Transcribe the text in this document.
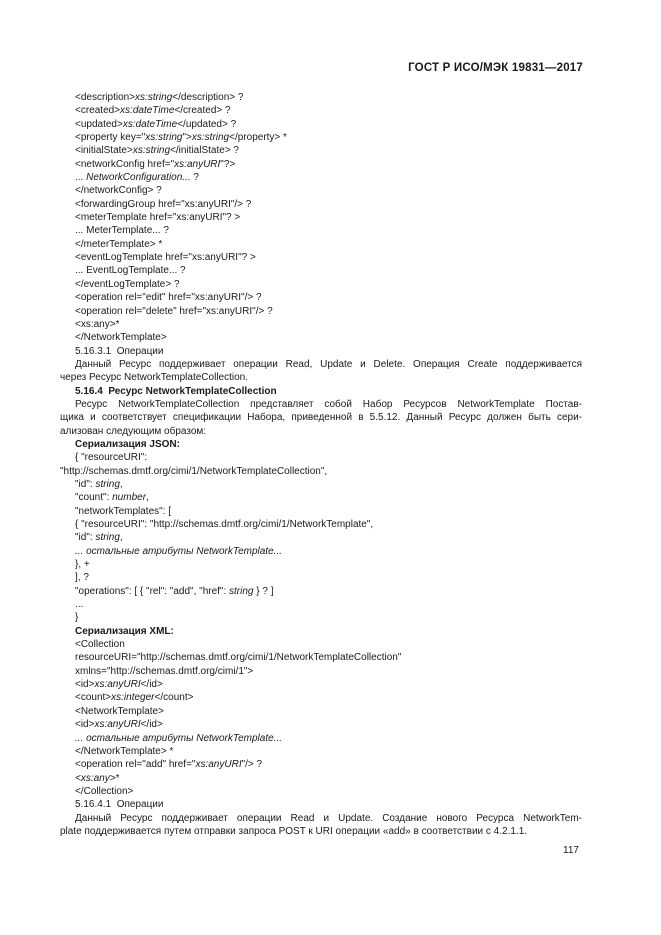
ГОСТ Р ИСО/МЭК 19831—2017
<description>xs:string</description> ?
<created>xs:dateTime</created> ?
<updated>xs:dateTime</updated> ?
<property key="xs:string">xs:string</property> *
<initialState>xs:string</initialState> ?
<networkConfig href="xs:anyURI"?>
... NetworkConfiguration... ?
</networkConfig> ?
<forwardingGroup href="xs:anyURI"/> ?
<meterTemplate href="xs:anyURI"? >
... MeterTemplate... ?
</meterTemplate> *
<eventLogTemplate href="xs:anyURI"? >
... EventLogTemplate... ?
</eventLogTemplate> ?
<operation rel="edit" href="xs:anyURI"/> ?
<operation rel="delete" href="xs:anyURI"/> ?
<xs:any>*
</NetworkTemplate>
5.16.3.1  Операции
Данный Ресурс поддерживает операции Read, Update и Delete. Операция Create поддерживается
через Ресурс NetworkTemplateCollection.
5.16.4  Ресурс NetworkTemplateCollection
Ресурс NetworkTemplateCollection представляет собой Набор Ресурсов NetworkTemplate Постав-
щика и соответствует спецификации Набора, приведенной в 5.5.12. Данный Ресурс должен быть сери-
ализован следующим образом:
Сериализация JSON:
{ "resourceURI":
"http://schemas.dmtf.org/cimi/1/NetworkTemplateCollection",
"id": string,
"count": number,
"networkTemplates": [
{ "resourceURI": "http://schemas.dmtf.org/cimi/1/NetworkTemplate",
"id": string,
... остальные атрибуты NetworkTemplate...
}, +
], ?
"operations": [ { "rel": "add", "href": string } ? ]
...
}
Сериализация XML:
<Collection
resourceURI="http://schemas.dmtf.org/cimi/1/NetworkTemplateCollection"
xmlns="http://schemas.dmtf.org/cimi/1">
<id>xs:anyURI</id>
<count>xs:integer</count>
<NetworkTemplate>
<id>xs:anyURI</id>
... остальные атрибуты NetworkTemplate...
</NetworkTemplate> *
<operation rel="add" href="xs:anyURI"/> ?
<xs:any>*
</Collection>
5.16.4.1  Операции
Данный Ресурс поддерживает операции Read и Update. Создание нового Ресурса NetworkTem-
plate поддерживается путем отправки запроса POST к URI операции «add» в соответствии с 4.2.1.1.
117
